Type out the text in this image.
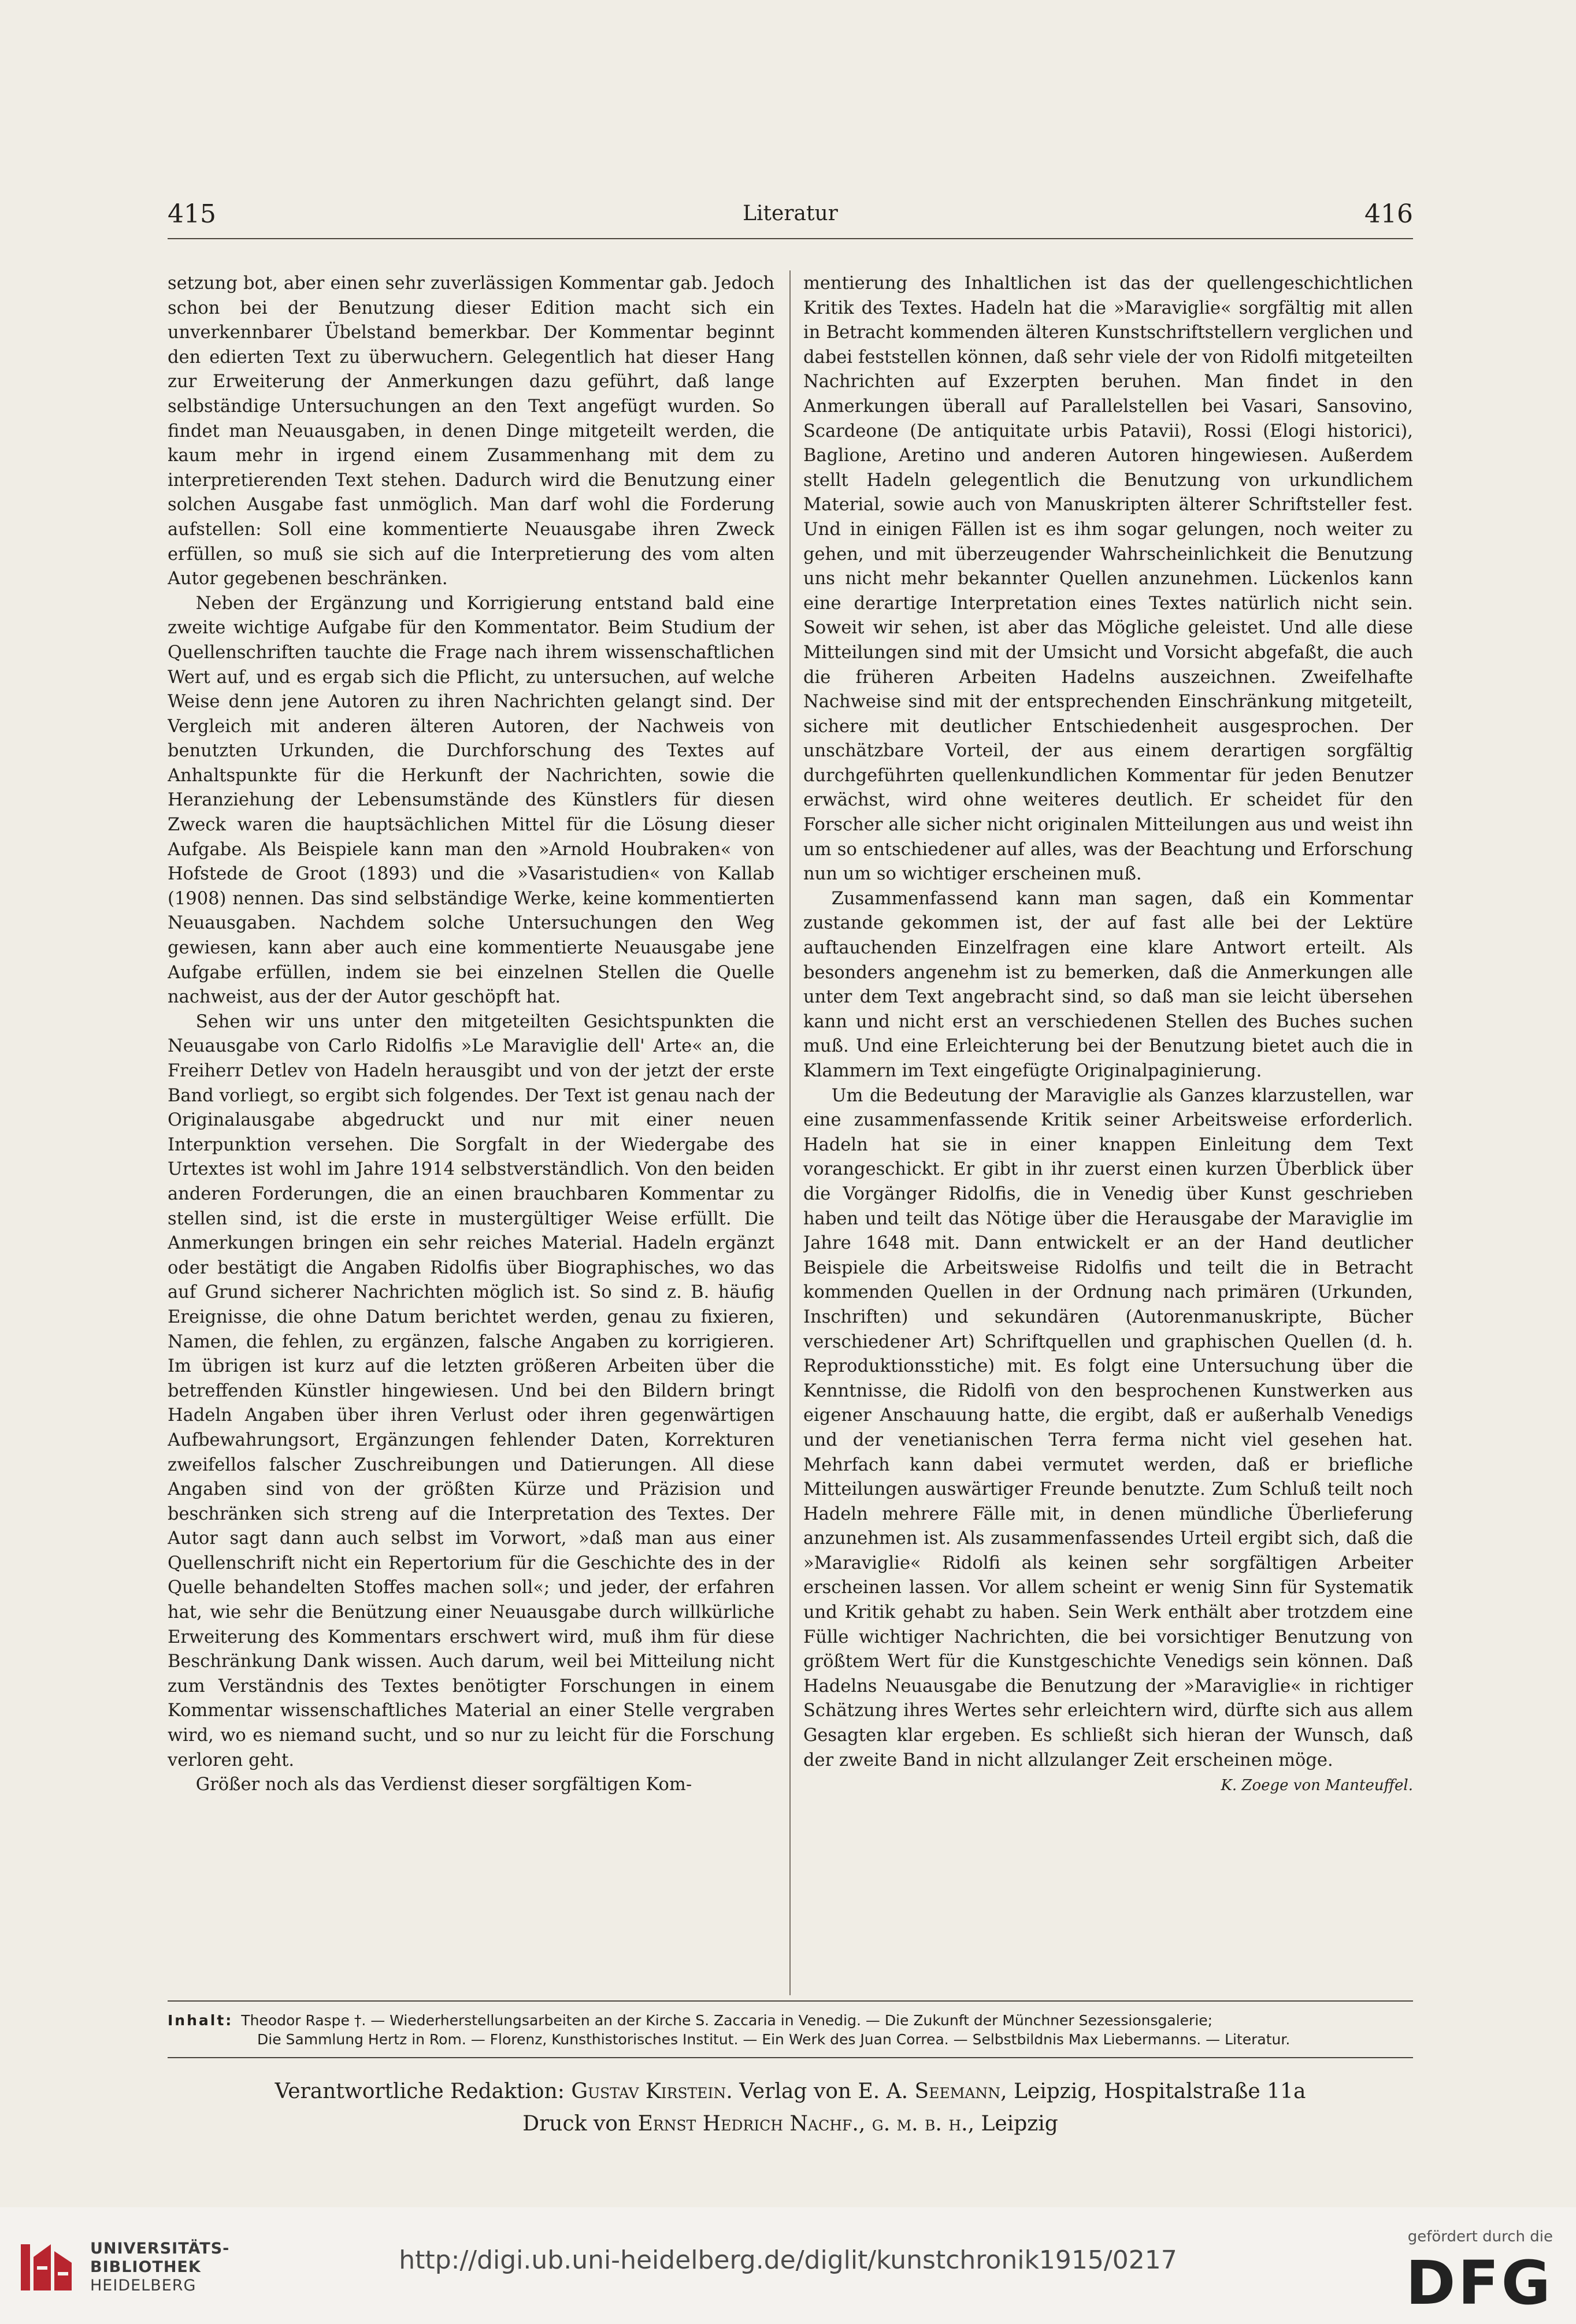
415	Literatur	416

setzung bot, aber einen sehr zuverlässigen Kommentar gab. Jedoch schon bei der Benutzung dieser Edition macht sich ein unverkennbarer Übelstand bemerkbar. Der Kommentar beginnt den edierten Text zu überwuchern. Gelegentlich hat dieser Hang zur Erweiterung der Anmerkungen dazu geführt, daß lange selbständige Untersuchungen an den Text angefügt wurden. So findet man Neuausgaben, in denen Dinge mitgeteilt werden, die kaum mehr in irgend einem Zusammenhang mit dem zu interpretierenden Text stehen. Dadurch wird die Benutzung einer solchen Ausgabe fast unmöglich. Man darf wohl die Forderung aufstellen: Soll eine kommentierte Neuausgabe ihren Zweck erfüllen, so muß sie sich auf die Interpretierung des vom alten Autor gegebenen beschränken.

Neben der Ergänzung und Korrigierung entstand bald eine zweite wichtige Aufgabe für den Kommentator. Beim Studium der Quellenschriften tauchte die Frage nach ihrem wissenschaftlichen Wert auf, und es ergab sich die Pflicht, zu untersuchen, auf welche Weise denn jene Autoren zu ihren Nachrichten gelangt sind. Der Vergleich mit anderen älteren Autoren, der Nachweis von benutzten Urkunden, die Durchforschung des Textes auf Anhaltspunkte für die Herkunft der Nachrichten, sowie die Heranziehung der Lebensumstände des Künstlers für diesen Zweck waren die hauptsächlichen Mittel für die Lösung dieser Aufgabe. Als Beispiele kann man den »Arnold Houbraken« von Hofstede de Groot (1893) und die »Vasaristudien« von Kallab (1908) nennen. Das sind selbständige Werke, keine kommentierten Neuausgaben. Nachdem solche Untersuchungen den Weg gewiesen, kann aber auch eine kommentierte Neuausgabe jene Aufgabe erfüllen, indem sie bei einzelnen Stellen die Quelle nachweist, aus der der Autor geschöpft hat.

Sehen wir uns unter den mitgeteilten Gesichtspunkten die Neuausgabe von Carlo Ridolfis »Le Maraviglie dell' Arte« an, die Freiherr Detlev von Hadeln herausgibt und von der jetzt der erste Band vorliegt, so ergibt sich folgendes. Der Text ist genau nach der Originalausgabe abgedruckt und nur mit einer neuen Interpunktion versehen. Die Sorgfalt in der Wiedergabe des Urtextes ist wohl im Jahre 1914 selbstverständlich. Von den beiden anderen Forderungen, die an einen brauchbaren Kommentar zu stellen sind, ist die erste in mustergültiger Weise erfüllt. Die Anmerkungen bringen ein sehr reiches Material. Hadeln ergänzt oder bestätigt die Angaben Ridolfis über Biographisches, wo das auf Grund sicherer Nachrichten möglich ist. So sind z. B. häufig Ereignisse, die ohne Datum berichtet werden, genau zu fixieren, Namen, die fehlen, zu ergänzen, falsche Angaben zu korrigieren. Im übrigen ist kurz auf die letzten größeren Arbeiten über die betreffenden Künstler hingewiesen. Und bei den Bildern bringt Hadeln Angaben über ihren Verlust oder ihren gegenwärtigen Aufbewahrungsort, Ergänzungen fehlender Daten, Korrekturen zweifellos falscher Zuschreibungen und Datierungen. All diese Angaben sind von der größten Kürze und Präzision und beschränken sich streng auf die Interpretation des Textes. Der Autor sagt dann auch selbst im Vorwort, »daß man aus einer Quellenschrift nicht ein Repertorium für die Geschichte des in der Quelle behandelten Stoffes machen soll«; und jeder, der erfahren hat, wie sehr die Benützung einer Neuausgabe durch willkürliche Erweiterung des Kommentars erschwert wird, muß ihm für diese Beschränkung Dank wissen. Auch darum, weil bei Mitteilung nicht zum Verständnis des Textes benötigter Forschungen in einem Kommentar wissenschaftliches Material an einer Stelle vergraben wird, wo es niemand sucht, und so nur zu leicht für die Forschung verloren geht.

Größer noch als das Verdienst dieser sorgfältigen Kom-

mentierung des Inhaltlichen ist das der quellengeschichtlichen Kritik des Textes. Hadeln hat die »Maraviglie« sorgfältig mit allen in Betracht kommenden älteren Kunstschriftstellern verglichen und dabei feststellen können, daß sehr viele der von Ridolfi mitgeteilten Nachrichten auf Exzerpten beruhen. Man findet in den Anmerkungen überall auf Parallelstellen bei Vasari, Sansovino, Scardeone (De antiquitate urbis Patavii), Rossi (Elogi historici), Baglione, Aretino und anderen Autoren hingewiesen. Außerdem stellt Hadeln gelegentlich die Benutzung von urkundlichem Material, sowie auch von Manuskripten älterer Schriftsteller fest. Und in einigen Fällen ist es ihm sogar gelungen, noch weiter zu gehen, und mit überzeugender Wahrscheinlichkeit die Benutzung uns nicht mehr bekannter Quellen anzunehmen. Lückenlos kann eine derartige Interpretation eines Textes natürlich nicht sein. Soweit wir sehen, ist aber das Mögliche geleistet. Und alle diese Mitteilungen sind mit der Umsicht und Vorsicht abgefaßt, die auch die früheren Arbeiten Hadelns auszeichnen. Zweifelhafte Nachweise sind mit der entsprechenden Einschränkung mitgeteilt, sichere mit deutlicher Entschiedenheit ausgesprochen. Der unschätzbare Vorteil, der aus einem derartigen sorgfältig durchgeführten quellenkundlichen Kommentar für jeden Benutzer erwächst, wird ohne weiteres deutlich. Er scheidet für den Forscher alle sicher nicht originalen Mitteilungen aus und weist ihn um so entschiedener auf alles, was der Beachtung und Erforschung nun um so wichtiger erscheinen muß.

Zusammenfassend kann man sagen, daß ein Kommentar zustande gekommen ist, der auf fast alle bei der Lektüre auftauchenden Einzelfragen eine klare Antwort erteilt. Als besonders angenehm ist zu bemerken, daß die Anmerkungen alle unter dem Text angebracht sind, so daß man sie leicht übersehen kann und nicht erst an verschiedenen Stellen des Buches suchen muß. Und eine Erleichterung bei der Benutzung bietet auch die in Klammern im Text eingefügte Originalpaginierung.

Um die Bedeutung der Maraviglie als Ganzes klarzustellen, war eine zusammenfassende Kritik seiner Arbeitsweise erforderlich. Hadeln hat sie in einer knappen Einleitung dem Text vorangeschickt. Er gibt in ihr zuerst einen kurzen Überblick über die Vorgänger Ridolfis, die in Venedig über Kunst geschrieben haben und teilt das Nötige über die Herausgabe der Maraviglie im Jahre 1648 mit. Dann entwickelt er an der Hand deutlicher Beispiele die Arbeitsweise Ridolfis und teilt die in Betracht kommenden Quellen in der Ordnung nach primären (Urkunden, Inschriften) und sekundären (Autorenmanuskripte, Bücher verschiedener Art) Schriftquellen und graphischen Quellen (d. h. Reproduktionsstiche) mit. Es folgt eine Untersuchung über die Kenntnisse, die Ridolfi von den besprochenen Kunstwerken aus eigener Anschauung hatte, die ergibt, daß er außerhalb Venedigs und der venetianischen Terra ferma nicht viel gesehen hat. Mehrfach kann dabei vermutet werden, daß er briefliche Mitteilungen auswärtiger Freunde benutzte. Zum Schluß teilt noch Hadeln mehrere Fälle mit, in denen mündliche Überlieferung anzunehmen ist. Als zusammenfassendes Urteil ergibt sich, daß die »Maraviglie« Ridolfi als keinen sehr sorgfältigen Arbeiter erscheinen lassen. Vor allem scheint er wenig Sinn für Systematik und Kritik gehabt zu haben. Sein Werk enthält aber trotzdem eine Fülle wichtiger Nachrichten, die bei vorsichtiger Benutzung von größtem Wert für die Kunstgeschichte Venedigs sein können. Daß Hadelns Neuausgabe die Benutzung der »Maraviglie« in richtiger Schätzung ihres Wertes sehr erleichtern wird, dürfte sich aus allem Gesagten klar ergeben. Es schließt sich hieran der Wunsch, daß der zweite Band in nicht allzulanger Zeit erscheinen möge.

K. Zoege von Manteuffel.
Inhalt: Theodor Raspe †. — Wiederherstellungsarbeiten an der Kirche S. Zaccaria in Venedig. — Die Zukunft der Münchner Sezessionsgalerie;
Die Sammlung Hertz in Rom. — Florenz, Kunsthistorisches Institut. — Ein Werk des Juan Correa. — Selbstbildnis Max Liebermanns. — Literatur.
Verantwortliche Redaktion: Gustav Kirstein. Verlag von E. A. Seemann, Leipzig, Hospitalstraße 11a
Druck von Ernst Hedrich Nachf., g. m. b. h., Leipzig
UNIVERSITÄTS-
BIBLIOTHEK
HEIDELBERG
http://digi.ub.uni-heidelberg.de/diglit/kunstchronik1915/0217
gefördert durch die
DFG
